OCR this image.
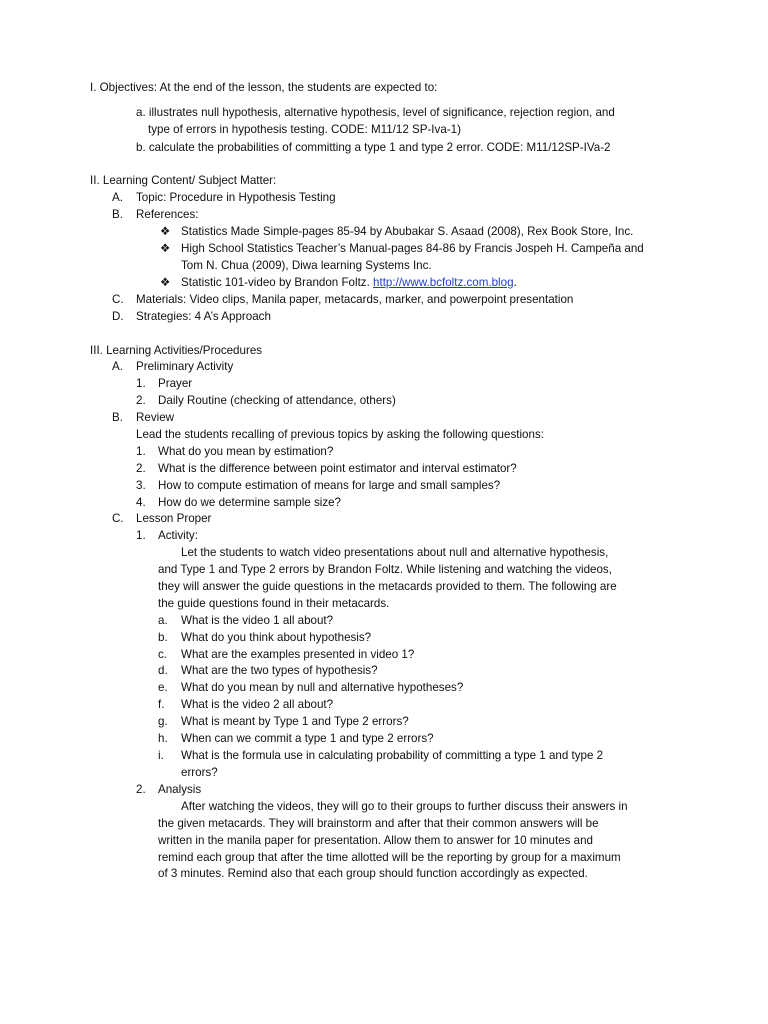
I. Objectives: At the end of the lesson, the students are expected to:
a. illustrates null hypothesis, alternative hypothesis, level of significance, rejection region, and
type of errors in hypothesis testing. CODE: M11/12 SP-Iva-1)
b. calculate the probabilities of committing a type 1 and type 2 error. CODE: M11/12SP-IVa-2
II. Learning Content/ Subject Matter:
A. Topic: Procedure in Hypothesis Testing
B. References:
❖ Statistics Made Simple-pages 85-94 by Abubakar S. Asaad (2008), Rex Book Store, Inc.
❖ High School Statistics Teacher’s Manual-pages 84-86 by Francis Jospeh H. Campeña and
Tom N. Chua (2009), Diwa learning Systems Inc.
❖ Statistic 101-video by Brandon Foltz. http://www.bcfoltz.com.blog.
C. Materials: Video clips, Manila paper, metacards, marker, and powerpoint presentation
D. Strategies: 4 A’s Approach
III. Learning Activities/Procedures
A. Preliminary Activity
1. Prayer
2. Daily Routine (checking of attendance, others)
B. Review
Lead the students recalling of previous topics by asking the following questions:
1. What do you mean by estimation?
2. What is the difference between point estimator and interval estimator?
3. How to compute estimation of means for large and small samples?
4. How do we determine sample size?
C. Lesson Proper
1. Activity:
Let the students to watch video presentations about null and alternative hypothesis,
and Type 1 and Type 2 errors by Brandon Foltz. While listening and watching the videos,
they will answer the guide questions in the metacards provided to them. The following are
the guide questions found in their metacards.
a. What is the video 1 all about?
b. What do you think about hypothesis?
c. What are the examples presented in video 1?
d. What are the two types of hypothesis?
e. What do you mean by null and alternative hypotheses?
f. What is the video 2 all about?
g. What is meant by Type 1 and Type 2 errors?
h. When can we commit a type 1 and type 2 errors?
i. What is the formula use in calculating probability of committing a type 1 and type 2
errors?
2. Analysis
After watching the videos, they will go to their groups to further discuss their answers in
the given metacards. They will brainstorm and after that their common answers will be
written in the manila paper for presentation. Allow them to answer for 10 minutes and
remind each group that after the time allotted will be the reporting by group for a maximum
of 3 minutes. Remind also that each group should function accordingly as expected.
